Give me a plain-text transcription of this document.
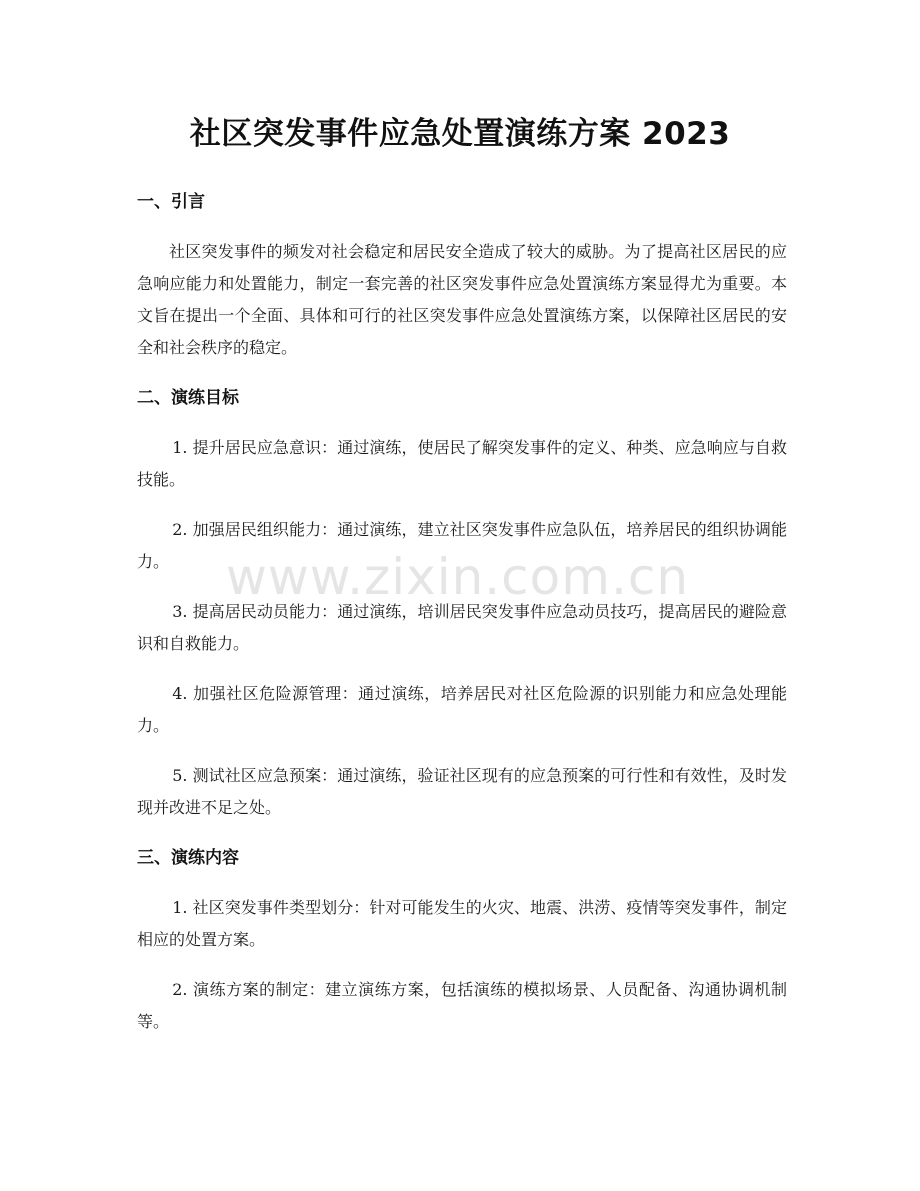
社区突发事件应急处置演练方案 2023
一、引言

社区突发事件的频发对社会稳定和居民安全造成了较大的威胁。为了提高社区居民的应急响应能力和处置能力，制定一套完善的社区突发事件应急处置演练方案显得尤为重要。本文旨在提出一个全面、具体和可行的社区突发事件应急处置演练方案，以保障社区居民的安全和社会秩序的稳定。

二、演练目标

1. 提升居民应急意识：通过演练，使居民了解突发事件的定义、种类、应急响应与自救技能。

2. 加强居民组织能力：通过演练，建立社区突发事件应急队伍，培养居民的组织协调能力。

3. 提高居民动员能力：通过演练，培训居民突发事件应急动员技巧，提高居民的避险意识和自救能力。

4. 加强社区危险源管理：通过演练，培养居民对社区危险源的识别能力和应急处理能力。

5. 测试社区应急预案：通过演练，验证社区现有的应急预案的可行性和有效性，及时发现并改进不足之处。

三、演练内容

1. 社区突发事件类型划分：针对可能发生的火灾、地震、洪涝、疫情等突发事件，制定相应的处置方案。

2. 演练方案的制定：建立演练方案，包括演练的模拟场景、人员配备、沟通协调机制等。

www.zixin.com.cn
